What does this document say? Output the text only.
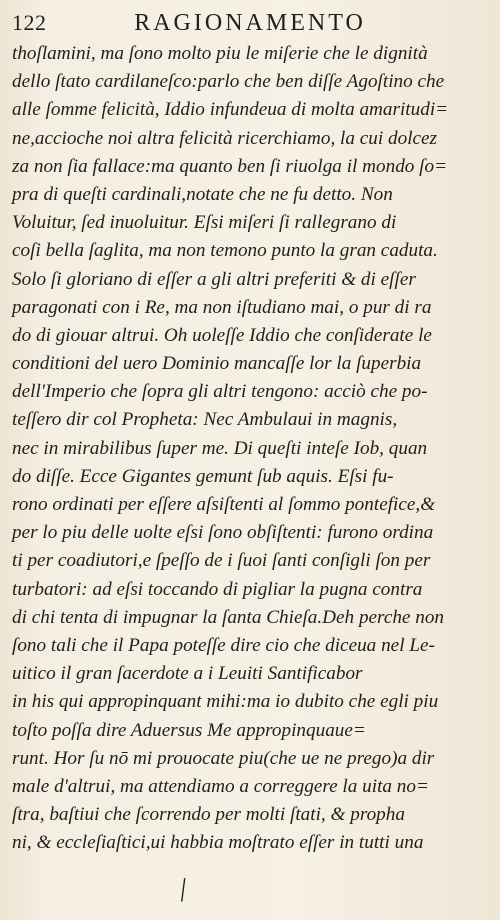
122	RAGIONAMENTO
thoſlamini, ma ſono molto piu le miſerie che le dignità
dello ſtato cardilaneſco:parlo che ben diſſe Agoſtino che
alle ſomme felicità, Iddio infundeua di molta amaritudi=
ne,accioche noi altra felicità ricerchiamo, la cui dolcez
za non ſia fallace:ma quanto ben ſi riuolga il mondo ſo=
pra di queſti cardinali,notate che ne fu detto. Non
Voluitur, ſed inuoluitur. Eſsi miſeri ſi rallegrano di
coſi bella ſaglita, ma non temono punto la gran caduta.
Solo ſi gloriano di eſſer a gli altri preferiti & di eſſer
paragonati con i Re, ma non iſtudiano mai, o pur di ra
do di giouar altrui. Oh uoleſſe Iddio che conſiderate le
conditioni del uero Dominio mancaſſe lor la ſuperbia
dell'Imperio che ſopra gli altri tengono: acciò che po-
teſſero dir col Propheta: Nec Ambulaui in magnis,
nec in mirabilibus ſuper me. Di queſti inteſe Iob, quan
do diſſe. Ecce Gigantes gemunt ſub aquis. Eſsi fu-
rono ordinati per eſſere aſsiſtenti al ſommo pontefice,&
per lo piu delle uolte eſsi ſono obſiſtenti: furono ordina
ti per coadiutori,e ſpeſſo de i ſuoi ſanti conſigli ſon per
turbatori: ad eſsi toccando di pigliar la pugna contra
di chi tenta di impugnar la ſanta Chieſa.Deh perche non
ſono tali che il Papa poteſſe dire cio che diceua nel Le-
uitico il gran ſacerdote a i Leuiti Santificabor
in his qui appropinquant mihi:ma io dubito che egli piu
toſto poſſa dire Aduersus Me appropinquaue=
runt. Hor ſu nō mi prouocate piu(che ue ne prego)a dir
male d'altrui, ma attendiamo a correggere la uita no=
ſtra, baſtiui che ſcorrendo per molti ſtati, & propha
ni, & eccleſiaſtici,ui habbia moſtrato eſſer in tutti una
╱
